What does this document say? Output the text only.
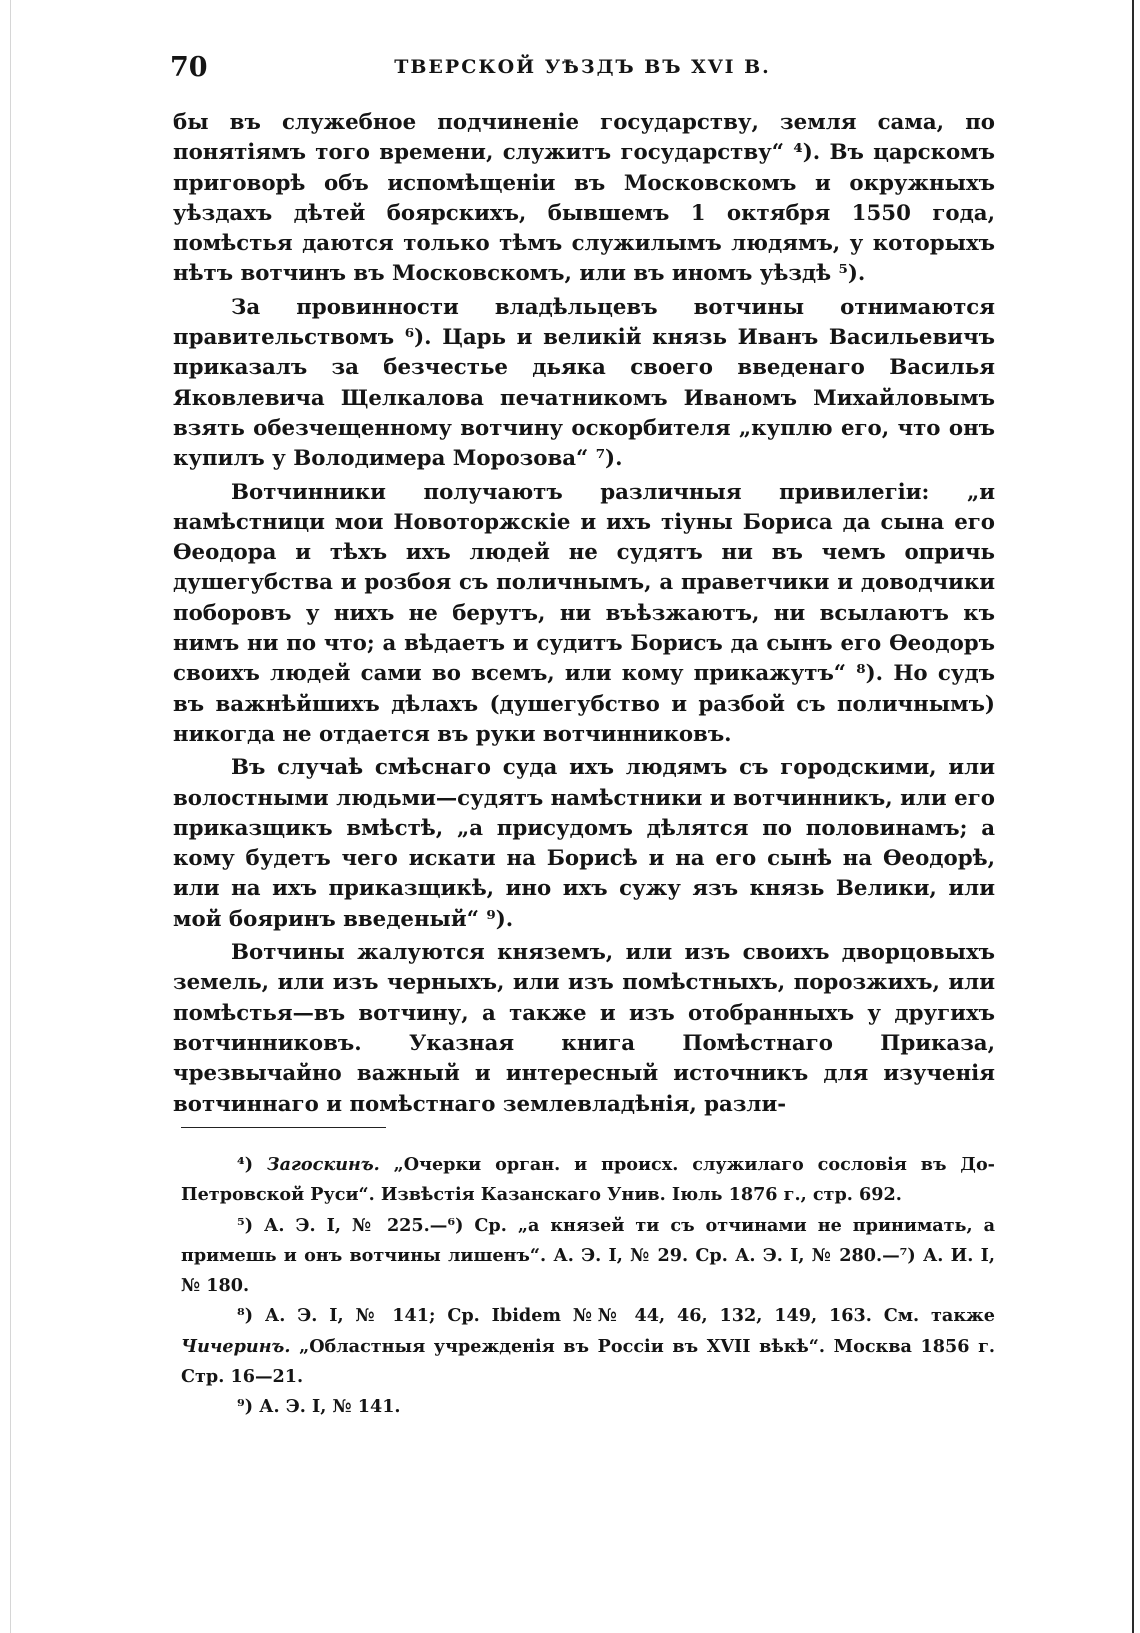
70	ТВЕРСКОЙ УѢЗДЪ ВЪ XVI В.

бы въ служебное подчиненіе государству, земля сама, по понятіямъ того времени, служитъ государству“ ⁴). Въ царскомъ приговорѣ объ испомѣщеніи въ Московскомъ и окружныхъ уѣздахъ дѣтей боярскихъ, бывшемъ 1 октября 1550 года, помѣстья даются только тѣмъ служилымъ людямъ, у которыхъ нѣтъ вотчинъ въ Московскомъ, или въ иномъ уѣздѣ ⁵).

За провинности владѣльцевъ вотчины отнимаются правительствомъ ⁶). Царь и великій князь Иванъ Васильевичъ приказалъ за безчестье дьяка своего введенаго Василья Яковлевича Щелкалова печатникомъ Иваномъ Михайловымъ взять обезчещенному вотчину оскорбителя „куплю его, что онъ купилъ у Володимера Морозова“ ⁷).

Вотчинники получаютъ различныя привилегіи: „и намѣстници мои Новоторжскіе и ихъ тіуны Бориса да сына его Ѳеодора и тѣхъ ихъ людей не судятъ ни въ чемъ опричь душегубства и розбоя съ поличнымъ, а праветчики и доводчики поборовъ у нихъ не берутъ, ни въѣзжаютъ, ни всылаютъ къ нимъ ни по что; а вѣдаетъ и судитъ Борисъ да сынъ его Ѳеодоръ своихъ людей сами во всемъ, или кому прикажутъ“ ⁸). Но судъ въ важнѣйшихъ дѣлахъ (душегубство и разбой съ поличнымъ) никогда не отдается въ руки вотчинниковъ.

Въ случаѣ смѣснаго суда ихъ людямъ съ городскими, или волостными людьми—судятъ намѣстники и вотчинникъ, или его приказщикъ вмѣстѣ, „а присудомъ дѣлятся по половинамъ; а кому будетъ чего искати на Борисѣ и на его сынѣ на Ѳеодорѣ, или на ихъ приказщикѣ, ино ихъ сужу язъ князь Велики, или мой бояринъ введеный“ ⁹).

Вотчины жалуются княземъ, или изъ своихъ дворцовыхъ земель, или изъ черныхъ, или изъ помѣстныхъ, порозжихъ, или помѣстья—въ вотчину, а также и изъ отобранныхъ у другихъ вотчинниковъ. Указная книга Помѣстнаго Приказа, чрезвычайно важный и интересный источникъ для изученія вотчиннаго и помѣстнаго землевладѣнія, разли-

⁴) Загоскинъ. „Очерки орган. и происх. служилаго сословія въ До-Петровской Руси“. Извѣстія Казанскаго Унив. Іюль 1876 г., стр. 692.

⁵) А. Э. I, № 225.—⁶) Ср. „а князей ти съ отчинами не принимать, а примешь и онъ вотчины лишенъ“. А. Э. I, № 29. Ср. А. Э. I, № 280.—⁷) А. И. I, № 180.

⁸) А. Э. I, № 141; Ср. Ibidem №№ 44, 46, 132, 149, 163. См. также Чичеринъ. „Областныя учрежденія въ Россіи въ XVII вѣкѣ“. Москва 1856 г. Стр. 16—21.

⁹) А. Э. I, № 141.
